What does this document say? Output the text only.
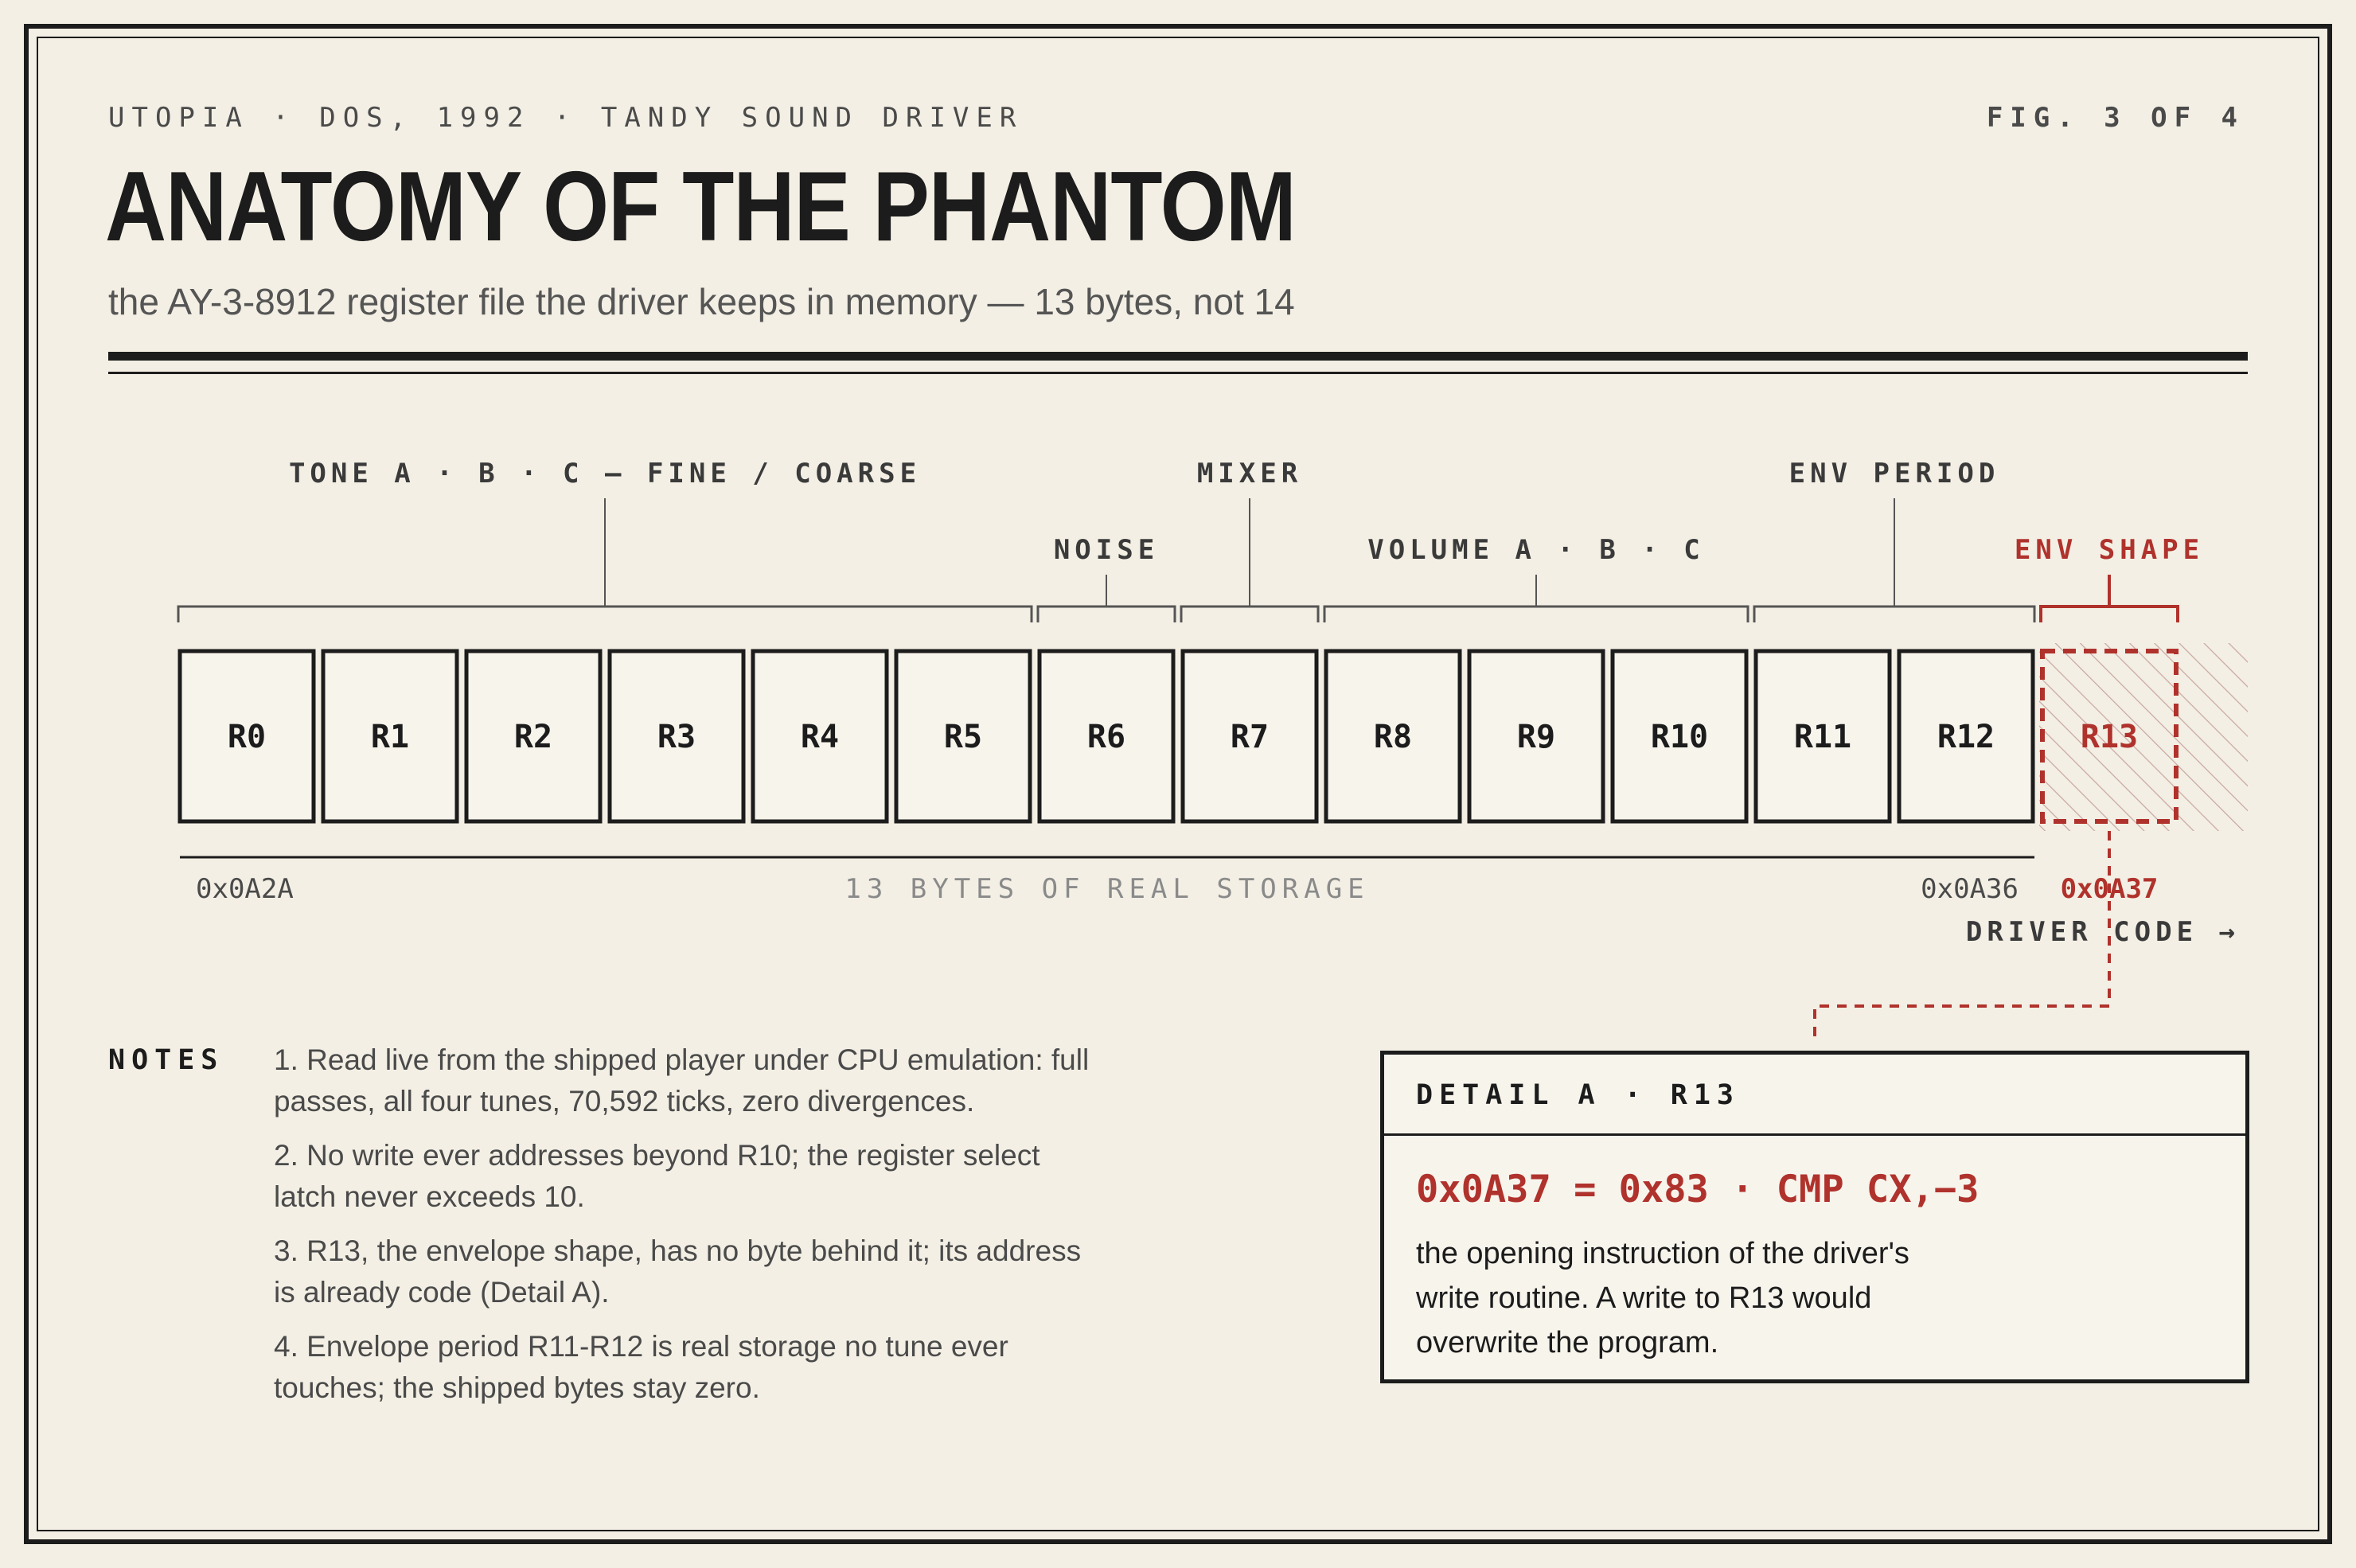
UTOPIA · DOS, 1992 · TANDY SOUND DRIVER	FIG. 3 OF 4
ANATOMY OF THE PHANTOM
the AY-3-8912 register file the driver keeps in memory — 13 bytes, not 14
R0	R1	R2	R3	R4	R5	R6	R7	R8	R9	R10	R11	R12	R13
TONE A · B · C — FINE / COARSE
NOISE
MIXER
VOLUME A · B · C
ENV PERIOD
ENV SHAPE
0x0A2A	13 BYTES OF REAL STORAGE	0x0A36 0x0A37
DRIVER CODE →
NOTES 1. Read live from the shipped player under CPU emulation: full passes, all four tunes, 70,592 ticks, zero divergences.
2. No write ever addresses beyond R10; the register select latch never exceeds 10.
3. R13, the envelope shape, has no byte behind it; its address is already code (Detail A).
4. Envelope period R11-R12 is real storage no tune ever touches; the shipped bytes stay zero.
DETAIL A · R13
0x0A37 = 0x83 · CMP CX,−3
the opening instruction of the driver's write routine. A write to R13 would overwrite the program.
